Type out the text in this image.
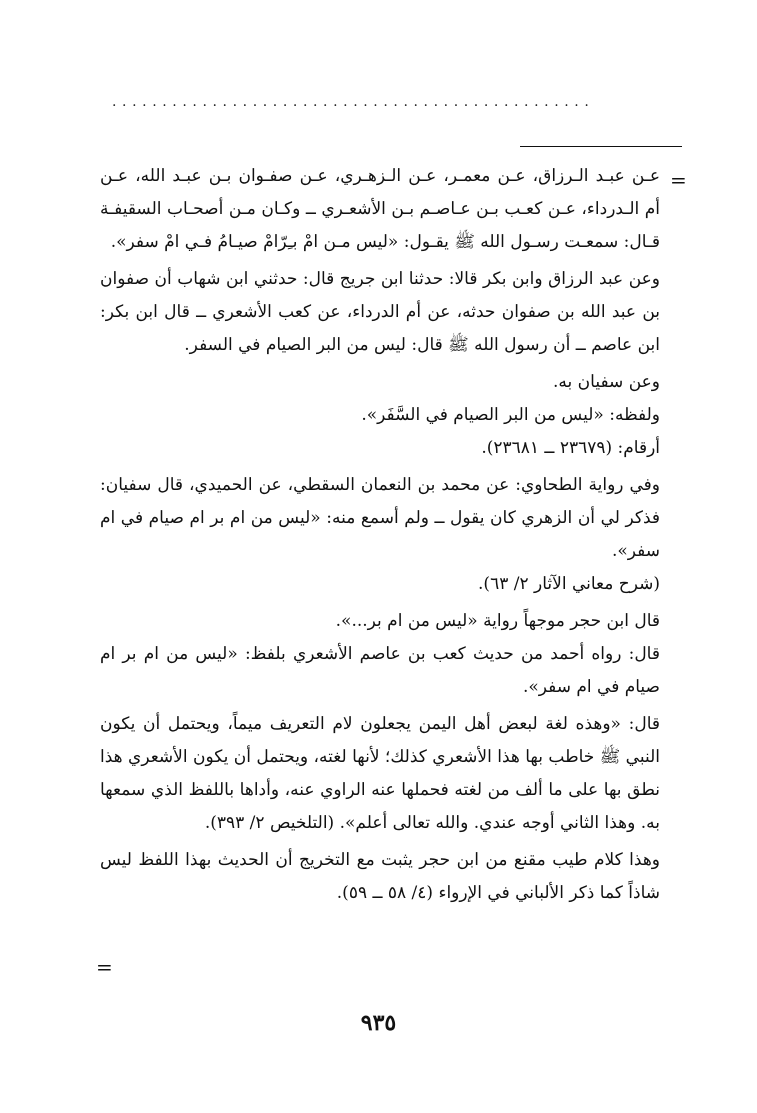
................................................
=

عـن عبـد الـرزاق، عـن معمـر، عـن الـزهـري، عـن صفـوان بـن عبـد الله، عـن أم الـدرداء، عـن كعـب بـن عـاصـم بـن الأشعـري ــ وكـان مـن أصحـاب السقيفـة قـال: سمعـت رسـول الله ﷺ يقـول: «ليس مـن امْ بـِرّامْ صيـامُ فـي امْ سفر».

وعن عبد الرزاق وابن بكر قالا: حدثنا ابن جريج قال: حدثني ابن شهاب أن صفوان بن عبد الله بن صفوان حدثه، عن أم الدرداء، عن كعب الأشعري ــ قال ابن بكر: ابن عاصم ــ أن رسول الله ﷺ قال: ليس من البر الصيام في السفر.

وعن سفيان به.

ولفظه: «ليس من البر الصيام في السَّفَر».

أرقام: (٢٣٦٧٩ ــ ٢٣٦٨١).

وفي رواية الطحاوي: عن محمد بن النعمان السقطي، عن الحميدي، قال سفيان: فذكر لي أن الزهري كان يقول ــ ولم أسمع منه: «ليس من ام بر ام صيام في ام سفر».

(شرح معاني الآثار ٢/ ٦٣).

قال ابن حجر موجهاً رواية «ليس من ام بر...».

قال: رواه أحمد من حديث كعب بن عاصم الأشعري بلفظ: «ليس من ام بر ام صيام في ام سفر».

قال: «وهذه لغة لبعض أهل اليمن يجعلون لام التعريف ميماً، ويحتمل أن يكون النبي ﷺ خاطب بها هذا الأشعري كذلك؛ لأنها لغته، ويحتمل أن يكون الأشعري هذا نطق بها على ما ألف من لغته فحملها عنه الراوي عنه، وأداها باللفظ الذي سمعها به. وهذا الثاني أوجه عندي. والله تعالى أعلم». (التلخيص ٢/ ٣٩٣).

وهذا كلام طيب مقنع من ابن حجر يثبت مع التخريج أن الحديث بهذا اللفظ ليس شاذاً كما ذكر الألباني في الإرواء (٤/ ٥٨ ــ ٥٩).

=
٩٣٥
